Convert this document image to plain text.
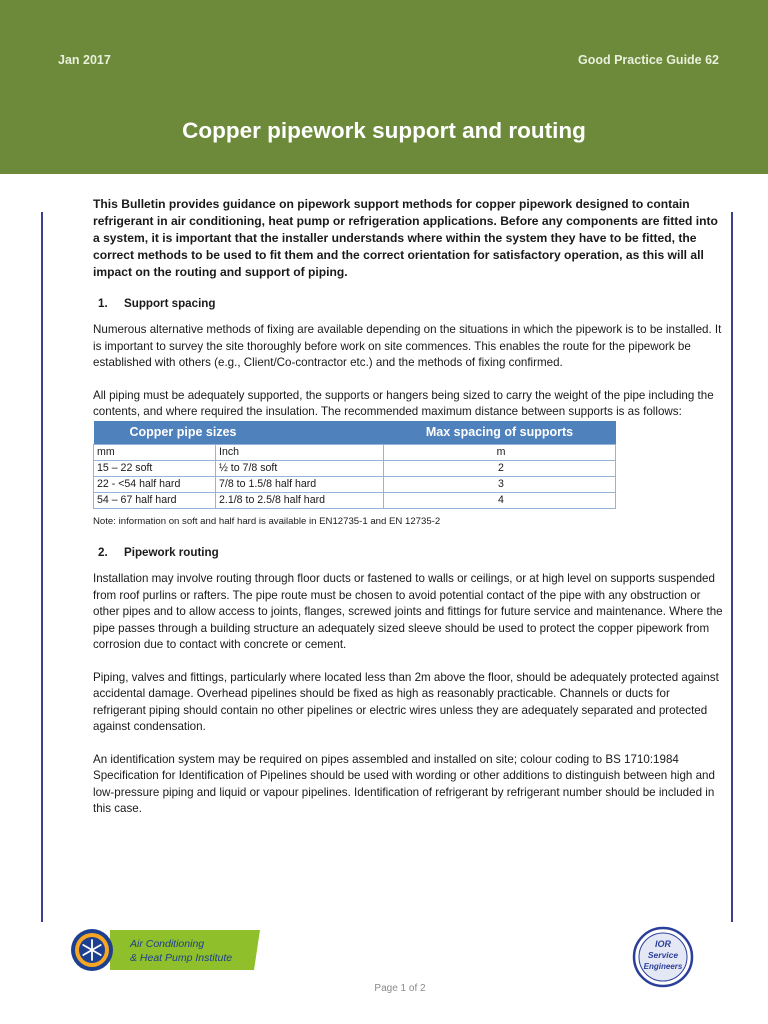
Jan 2017	Good Practice Guide 62
Copper pipework support and routing

This Bulletin provides guidance on pipework support methods for copper pipework designed to contain refrigerant in air conditioning, heat pump or refrigeration applications. Before any components are fitted into a system, it is important that the installer understands where within the system they have to be fitted, the correct methods to be used to fit them and the correct orientation for satisfactory operation, as this will all impact on the routing and support of piping.

1. Support spacing

Numerous alternative methods of fixing are available depending on the situations in which the pipework is to be installed. It is important to survey the site thoroughly before work on site commences. This enables the route for the pipework be established with others (e.g., Client/Co-contractor etc.) and the methods of fixing confirmed.

All piping must be adequately supported, the supports or hangers being sized to carry the weight of the pipe including the contents, and where required the insulation. The recommended maximum distance between supports is as follows:

Copper pipe sizes		Max spacing of supports
mm	Inch	m
15 – 22 soft	½ to 7/8 soft	2
22 - <54 half hard	7/8 to 1.5/8 half hard	3
54 – 67 half hard	2.1/8 to 2.5/8 half hard	4

Note: information on soft and half hard is available in EN12735-1 and EN 12735-2

2. Pipework routing

Installation may involve routing through floor ducts or fastened to walls or ceilings, or at high level on supports suspended from roof purlins or rafters. The pipe route must be chosen to avoid potential contact of the pipe with any obstruction or other pipes and to allow access to joints, flanges, screwed joints and fittings for future service and maintenance. Where the pipe passes through a building structure an adequately sized sleeve should be used to protect the copper pipework from corrosion due to contact with concrete or cement.

Piping, valves and fittings, particularly where located less than 2m above the floor, should be adequately protected against accidental damage. Overhead pipelines should be fixed as high as reasonably practicable. Channels or ducts for refrigerant piping should contain no other pipelines or electric wires unless they are adequately separated and protected against condensation.

An identification system may be required on pipes assembled and installed on site; colour coding to BS 1710:1984 Specification for Identification of Pipelines should be used with wording or other additions to distinguish between high and low-pressure piping and liquid or vapour pipelines. Identification of refrigerant by refrigerant number should be included in this case.

Air Conditioning
& Heat Pump Institute
IOR
Service
Engineers
Page 1 of 2
